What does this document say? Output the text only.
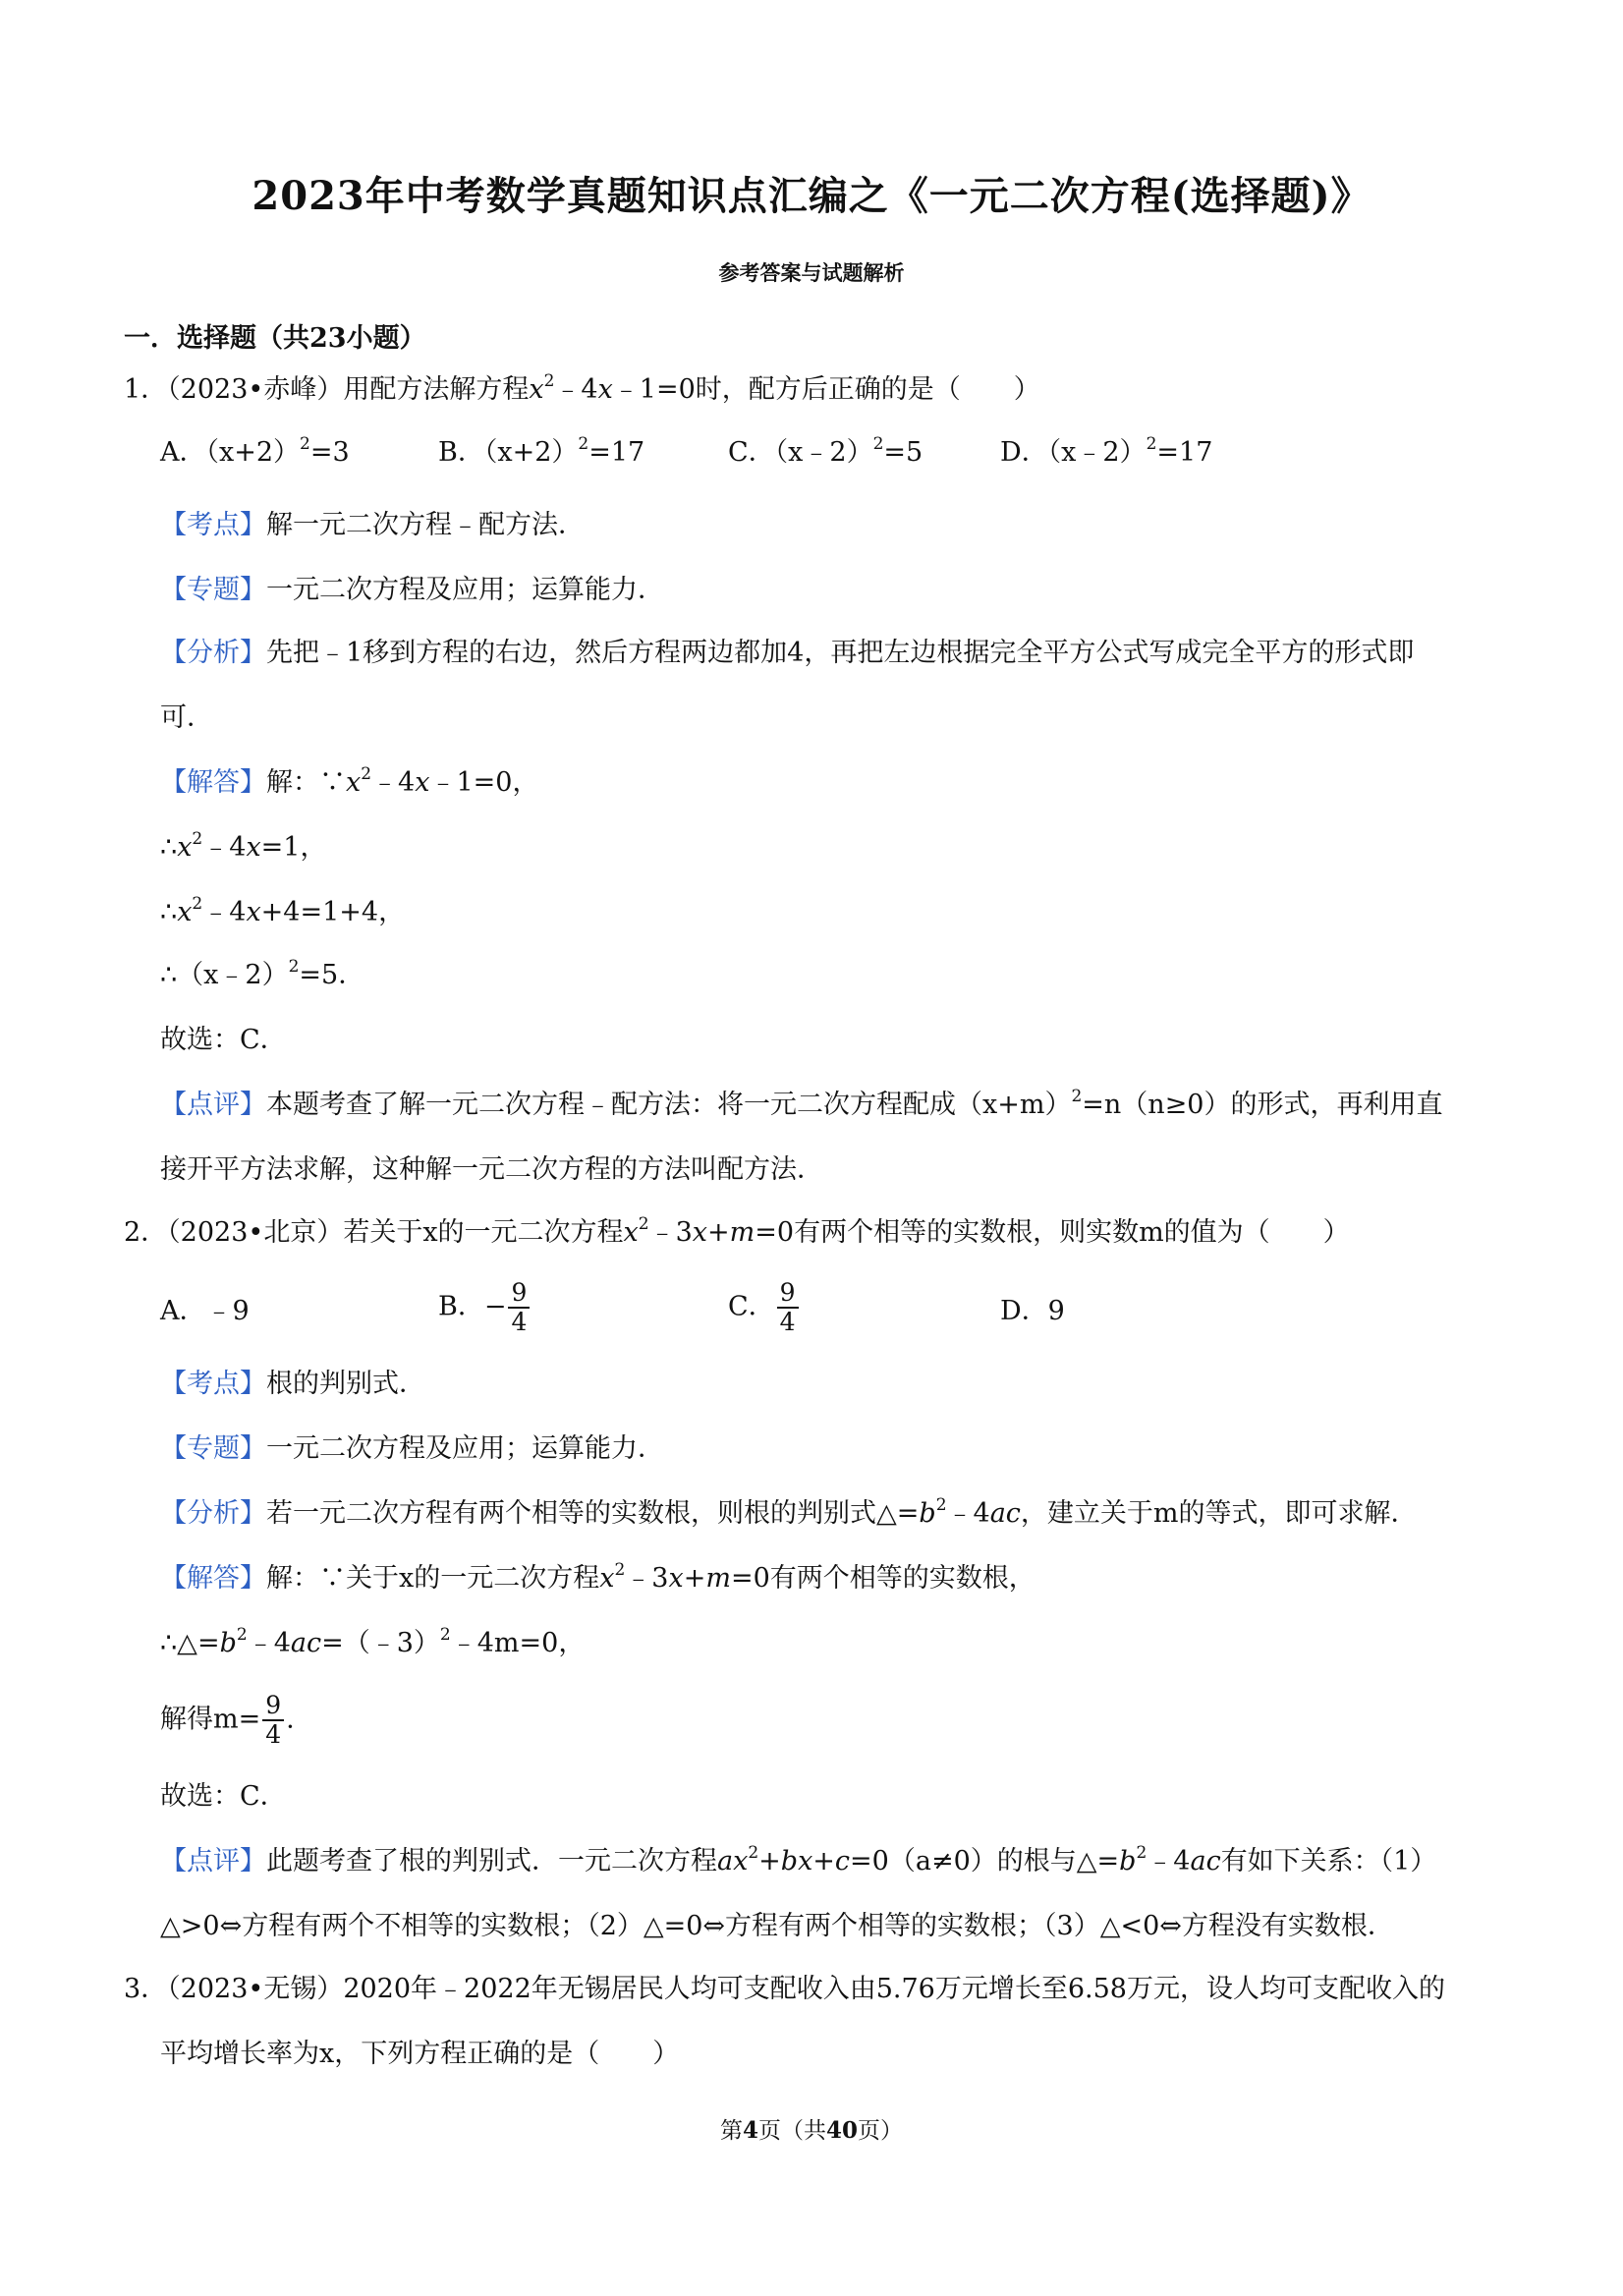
2023年中考数学真题知识点汇编之《一元二次方程(选择题)》
参考答案与试题解析
一．选择题（共23小题）
1．（2023•赤峰）用配方法解方程$x^2﹣4x﹣1=0$时，配方后正确的是（　　）
A．$(x+2)^2=3$	B．$(x+2)^2=17$	C．（x﹣2）$^2$=5	D．（x﹣2）$^2$=17
【考点】解一元二次方程﹣配方法．
【专题】一元二次方程及应用；运算能力．
【分析】先把﹣1移到方程的右边，然后方程两边都加4，再把左边根据完全平方公式写成完全平方的形式即
可．
【解答】解：$\because x^2﹣4x﹣1=0$，
$\therefore x^2﹣4x=1$，
$\therefore x^2﹣4x+4=1+4$，
∴（x﹣2）$^2$=5．
故选：C．
【点评】本题考查了解一元二次方程﹣配方法：将一元二次方程配成$(x+m)^2=n(n\ge 0)$的形式，再利用直
接开平方法求解，这种解一元二次方程的方法叫配方法．
2．（2023•北京）若关于x的一元二次方程$x^2﹣3x+m=0$有两个相等的实数根，则实数m的值为（　　）
A．﹣9	B．− $\frac{9}{4}$	C． $\frac{9}{4}$	D．9
【考点】根的判别式．
【专题】一元二次方程及应用；运算能力．
【分析】若一元二次方程有两个相等的实数根，则根的判别式$\triangle=b^2﹣4ac$，建立关于m的等式，即可求解．
【解答】解：∵关于x的一元二次方程$x^2﹣3x+m=0$有两个相等的实数根，
$\therefore\triangle=b^2﹣4ac=(﹣3)^2﹣4m=0$，
解得$m= \frac{9}{4}$ .
故选：C．
【点评】此题考查了根的判别式．一元二次方程$ax^2+bx+c=0(a\ne 0)$的根与$\triangle=b^2﹣4ac$有如下关系：（1）
△>0⇔方程有两个不相等的实数根；（2）△=0⇔方程有两个相等的实数根；（3）△<0⇔方程没有实数根．
3．（2023•无锡）2020年﹣2022年无锡居民人均可支配收入由5.76万元增长至6.58万元，设人均可支配收入的
平均增长率为x，下列方程正确的是（　　）
第4页（共40页）
